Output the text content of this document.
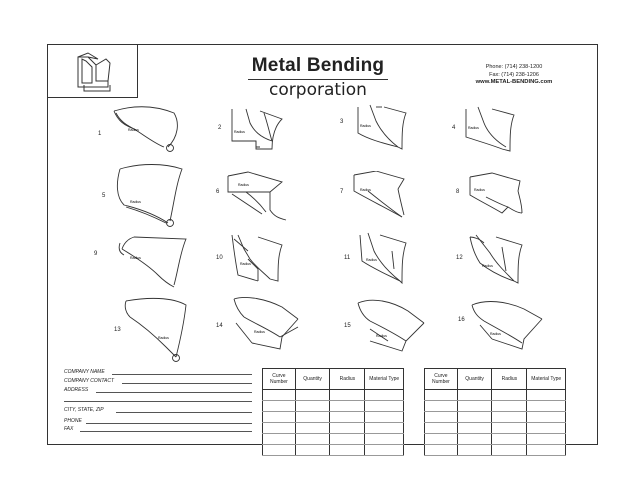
Metal Bending
corporation
Phone: (714) 238-1200
Fax: (714) 238-1206
www.METAL-BENDING.com
1
Radius	2
Radius
3
Radius	4	Radius
5
Radius
6
Radius
7	Radius	8	Radius
9
Radius	10
Radius
11	Radius	12
Radius
13
Radius
14
Radius
15
Radius
16
Radius
COMPANY NAME
COMPANY CONTACT
ADDRESS
CITY, STATE, ZIP
PHONE
FAX
Curve Number	Quantity	Radius	Material Type

				Curve Number	Quantity	Radius	Material Type
